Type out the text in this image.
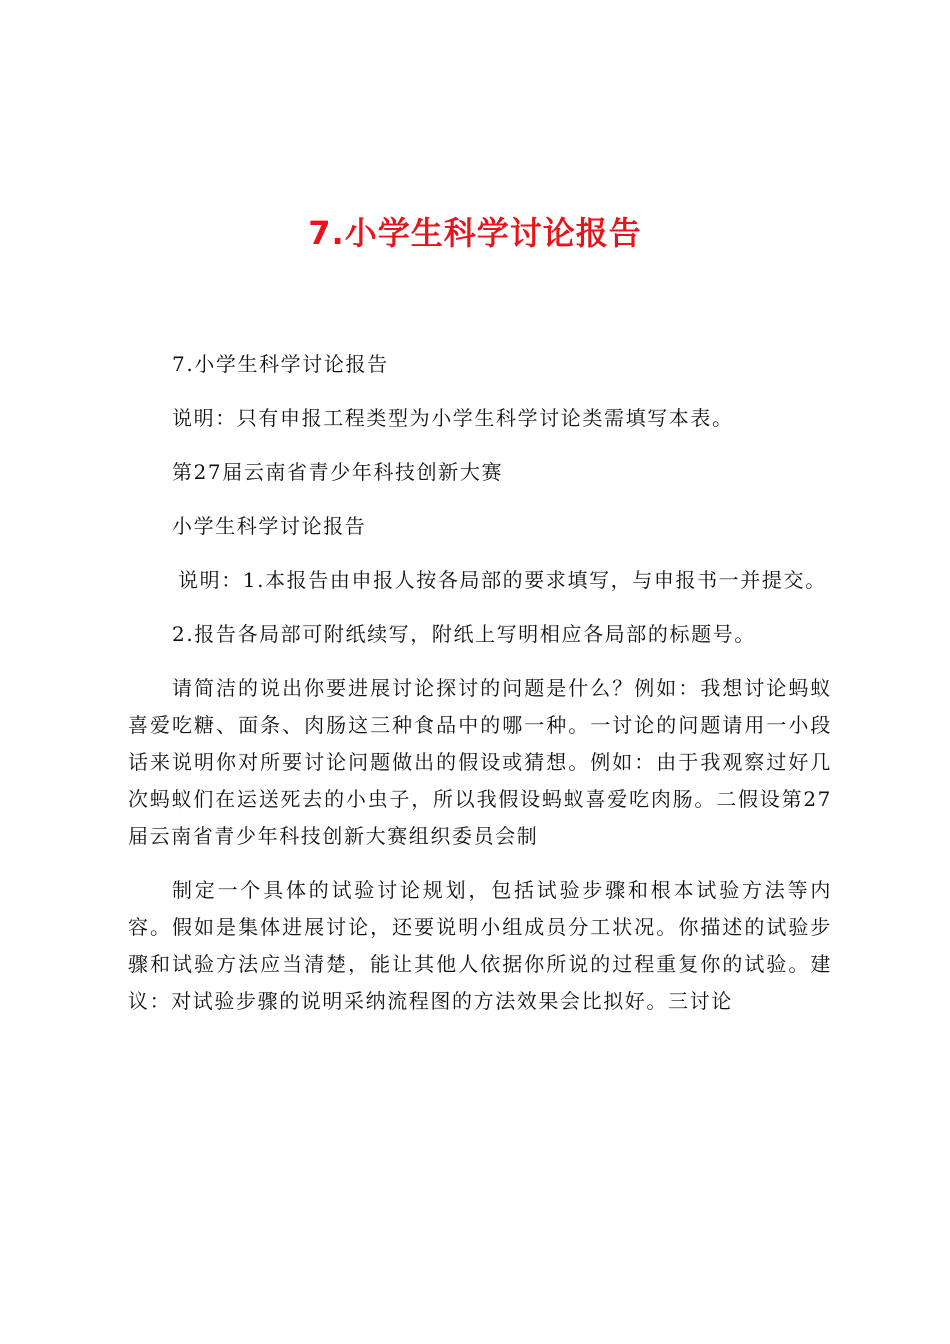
7.小学生科学讨论报告

7.小学生科学讨论报告

说明：只有申报工程类型为小学生科学讨论类需填写本表。

第27届云南省青少年科技创新大赛

小学生科学讨论报告

说明：1.本报告由申报人按各局部的要求填写，与申报书一并提交。

2.报告各局部可附纸续写，附纸上写明相应各局部的标题号。

请简洁的说出你要进展讨论探讨的问题是什么？例如：我想讨论蚂蚁喜爱吃糖、面条、肉肠这三种食品中的哪一种。一讨论的问题请用一小段话来说明你对所要讨论问题做出的假设或猜想。例如：由于我观察过好几次蚂蚁们在运送死去的小虫子，所以我假设蚂蚁喜爱吃肉肠。二假设第27届云南省青少年科技创新大赛组织委员会制

制定一个具体的试验讨论规划，包括试验步骤和根本试验方法等内容。假如是集体进展讨论，还要说明小组成员分工状况。你描述的试验步骤和试验方法应当清楚，能让其他人依据你所说的过程重复你的试验。建议：对试验步骤的说明采纳流程图的方法效果会比拟好。三讨论
